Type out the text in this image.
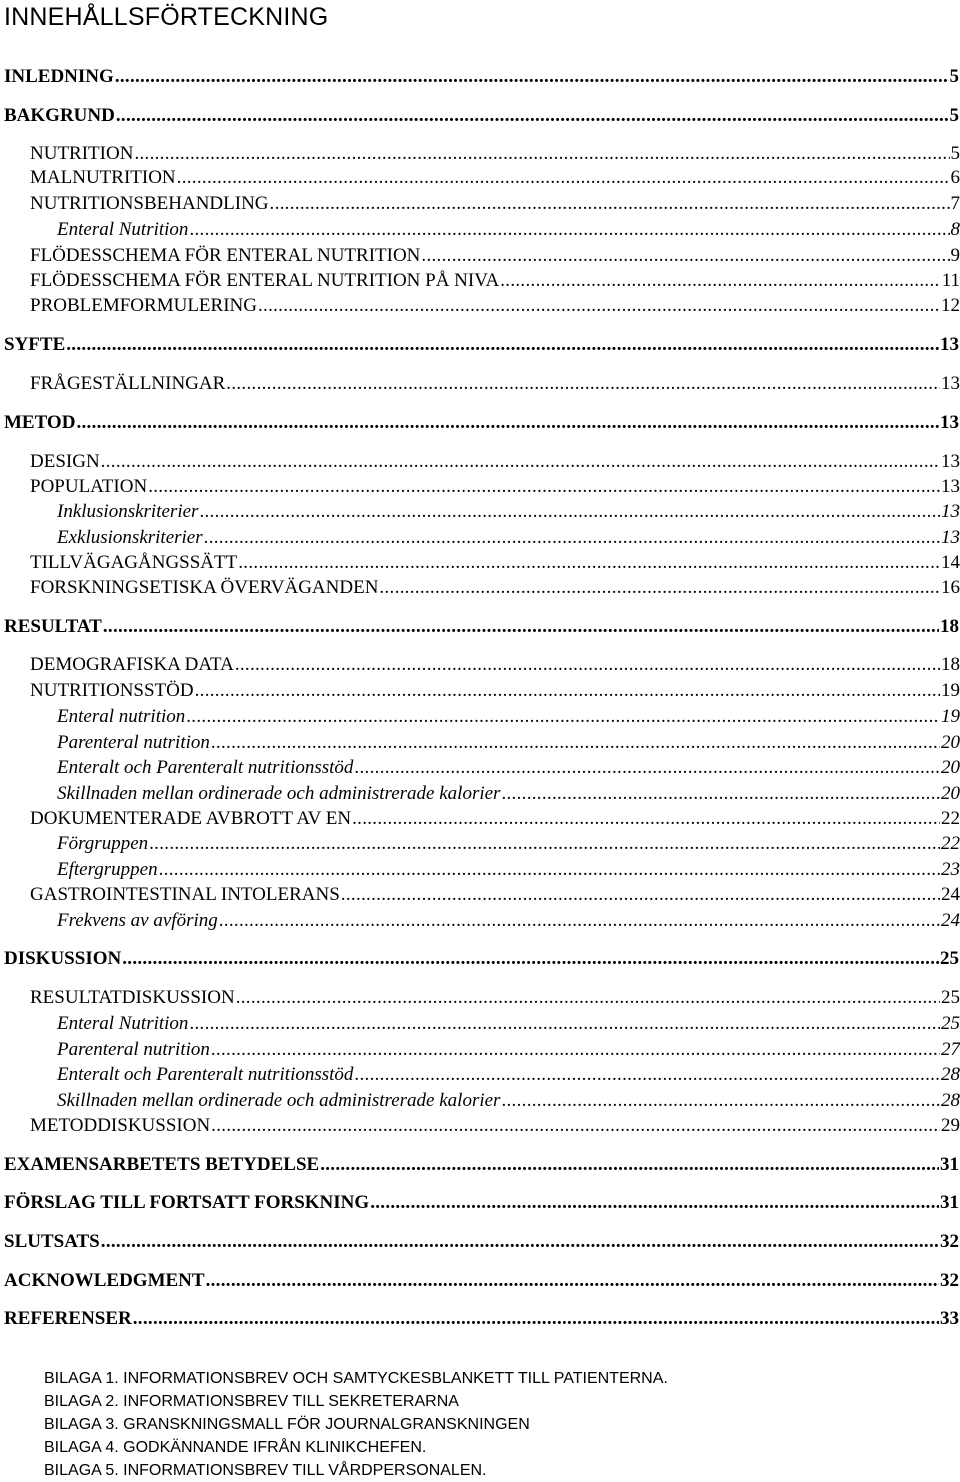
INNEHÅLLSFÖRTECKNING
INLEDNING .....	5
BAKGRUND .....	5
NUTRITION .....	5
MALNUTRITION .....	6
NUTRITIONSBEHANDLING .....	7
Enteral Nutrition .....	8
FLÖDESSCHEMA FÖR ENTERAL NUTRITION .....	9
FLÖDESSCHEMA FÖR ENTERAL NUTRITION PÅ NIVA .....	11
PROBLEMFORMULERING .....	12
SYFTE .....	13
FRÅGESTÄLLNINGAR .....	13
METOD .....	13
DESIGN .....	13
POPULATION .....	13
Inklusionskriterier .....	13
Exklusionskriterier .....	13
TILLVÄGAGÅNGSSÄTT .....	14
FORSKNINGSETISKA ÖVERVÄGANDEN .....	16
RESULTAT .....	18
DEMOGRAFISKA DATA .....	18
NUTRITIONSSTÖD .....	19
Enteral nutrition .....	19
Parenteral nutrition .....	20
Enteralt och Parenteralt nutritionsstöd .....	20
Skillnaden mellan ordinerade och administrerade kalorier .....	20
DOKUMENTERADE AVBROTT AV EN .....	22
Förgruppen .....	22
Eftergruppen .....	23
GASTROINTESTINAL INTOLERANS .....	24
Frekvens av avföring .....	24
DISKUSSION .....	25
RESULTATDISKUSSION .....	25
Enteral Nutrition .....	25
Parenteral nutrition .....	27
Enteralt och Parenteralt nutritionsstöd .....	28
Skillnaden mellan ordinerade och administrerade kalorier .....	28
METODDISKUSSION .....	29
EXAMENSARBETETS BETYDELSE .....	31
FÖRSLAG TILL FORTSATT FORSKNING .....	31
SLUTSATS .....	32
ACKNOWLEDGMENT .....	32
REFERENSER .....	33
BILAGA 1. INFORMATIONSBREV OCH SAMTYCKESBLANKETT TILL PATIENTERNA.
BILAGA 2. INFORMATIONSBREV TILL SEKRETERARNA
BILAGA 3. GRANSKNINGSMALL FÖR JOURNALGRANSKNINGEN
BILAGA 4. GODKÄNNANDE IFRÅN KLINIKCHEFEN.
BILAGA 5. INFORMATIONSBREV TILL VÅRDPERSONALEN.
